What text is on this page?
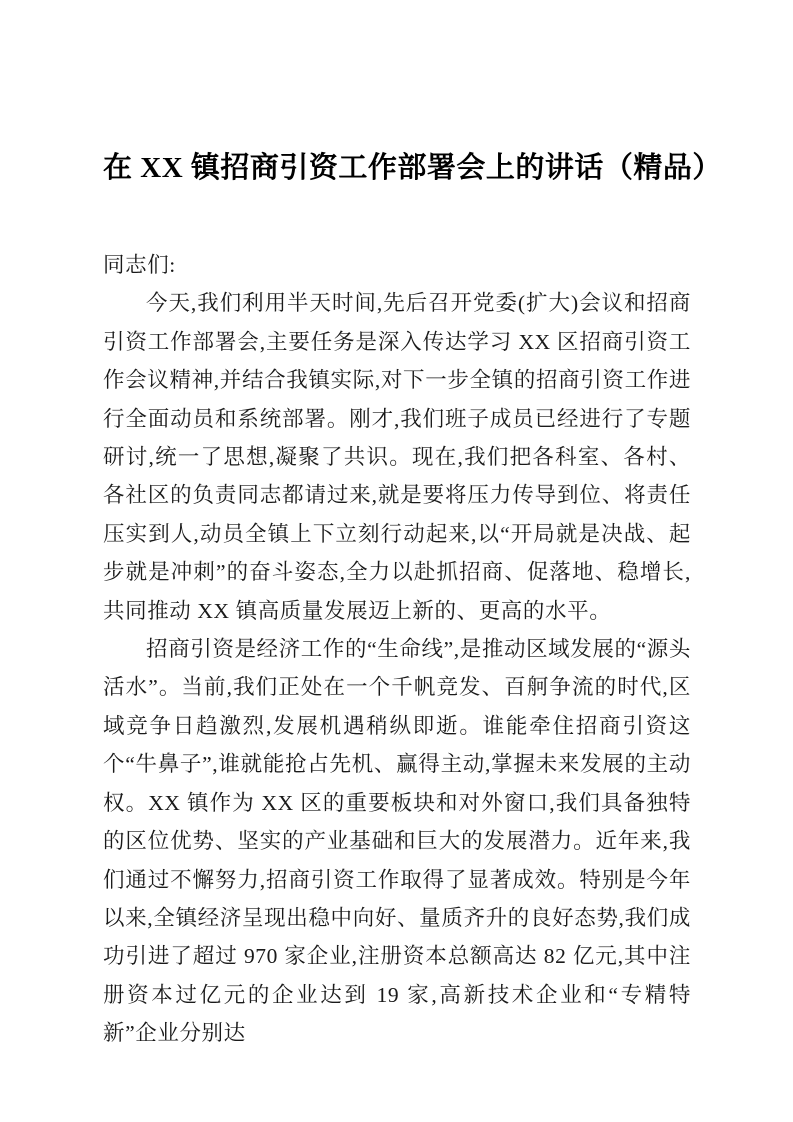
在 XX 镇招商引资工作部署会上的讲话（精品）

同志们:

今天,我们利用半天时间,先后召开党委(扩大)会议和招商引资工作部署会,主要任务是深入传达学习 XX 区招商引资工作会议精神,并结合我镇实际,对下一步全镇的招商引资工作进行全面动员和系统部署。刚才,我们班子成员已经进行了专题研讨,统一了思想,凝聚了共识。现在,我们把各科室、各村、各社区的负责同志都请过来,就是要将压力传导到位、将责任压实到人,动员全镇上下立刻行动起来,以“开局就是决战、起步就是冲刺”的奋斗姿态,全力以赴抓招商、促落地、稳增长,共同推动 XX 镇高质量发展迈上新的、更高的水平。

招商引资是经济工作的“生命线”,是推动区域发展的“源头活水”。当前,我们正处在一个千帆竞发、百舸争流的时代,区域竞争日趋激烈,发展机遇稍纵即逝。谁能牵住招商引资这个“牛鼻子”,谁就能抢占先机、赢得主动,掌握未来发展的主动权。XX 镇作为 XX 区的重要板块和对外窗口,我们具备独特的区位优势、坚实的产业基础和巨大的发展潜力。近年来,我们通过不懈努力,招商引资工作取得了显著成效。特别是今年以来,全镇经济呈现出稳中向好、量质齐升的良好态势,我们成功引进了超过 970 家企业,注册资本总额高达 82 亿元,其中注册资本过亿元的企业达到 19 家,高新技术企业和“专精特新”企业分别达
